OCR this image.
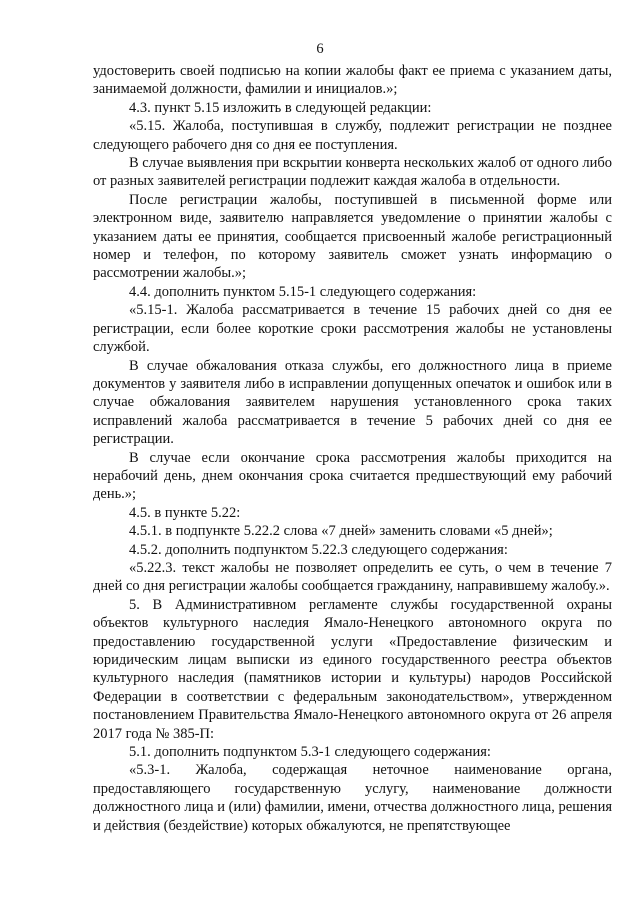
6

удостоверить своей подписью на копии жалобы факт ее приема с указанием даты, занимаемой должности, фамилии и инициалов.»;

4.3. пункт 5.15 изложить в следующей редакции:

«5.15. Жалоба, поступившая в службу, подлежит регистрации не позднее следующего рабочего дня со дня ее поступления.

В случае выявления при вскрытии конверта нескольких жалоб от одного либо от разных заявителей регистрации подлежит каждая жалоба в отдельности.

После регистрации жалобы, поступившей в письменной форме или электронном виде, заявителю направляется уведомление о принятии жалобы с указанием даты ее принятия, сообщается присвоенный жалобе регистрационный номер и телефон, по которому заявитель сможет узнать информацию о рассмотрении жалобы.»;

4.4. дополнить пунктом 5.15-1 следующего содержания:

«5.15-1. Жалоба рассматривается в течение 15 рабочих дней со дня ее регистрации, если более короткие сроки рассмотрения жалобы не установлены службой.

В случае обжалования отказа службы, его должностного лица в приеме документов у заявителя либо в исправлении допущенных опечаток и ошибок или в случае обжалования заявителем нарушения установленного срока таких исправлений жалоба рассматривается в течение 5 рабочих дней со дня ее регистрации.

В случае если окончание срока рассмотрения жалобы приходится на нерабочий день, днем окончания срока считается предшествующий ему рабочий день.»;

4.5. в пункте 5.22:

4.5.1. в подпункте 5.22.2 слова «7 дней» заменить словами «5 дней»;

4.5.2. дополнить подпунктом 5.22.3 следующего содержания:

«5.22.3. текст жалобы не позволяет определить ее суть, о чем в течение 7 дней со дня регистрации жалобы сообщается гражданину, направившему жалобу.».

5. В Административном регламенте службы государственной охраны объектов культурного наследия Ямало-Ненецкого автономного округа по предоставлению государственной услуги «Предоставление физическим и юридическим лицам выписки из единого государственного реестра объектов культурного наследия (памятников истории и культуры) народов Российской Федерации в соответствии с федеральным законодательством», утвержденном постановлением Правительства Ямало-Ненецкого автономного округа от 26 апреля 2017 года № 385-П:

5.1. дополнить подпунктом 5.3-1 следующего содержания:

«5.3-1. Жалоба, содержащая неточное наименование органа, предоставляющего государственную услугу, наименование должности должностного лица и (или) фамилии, имени, отчества должностного лица, решения и действия (бездействие) которых обжалуются, не препятствующее
